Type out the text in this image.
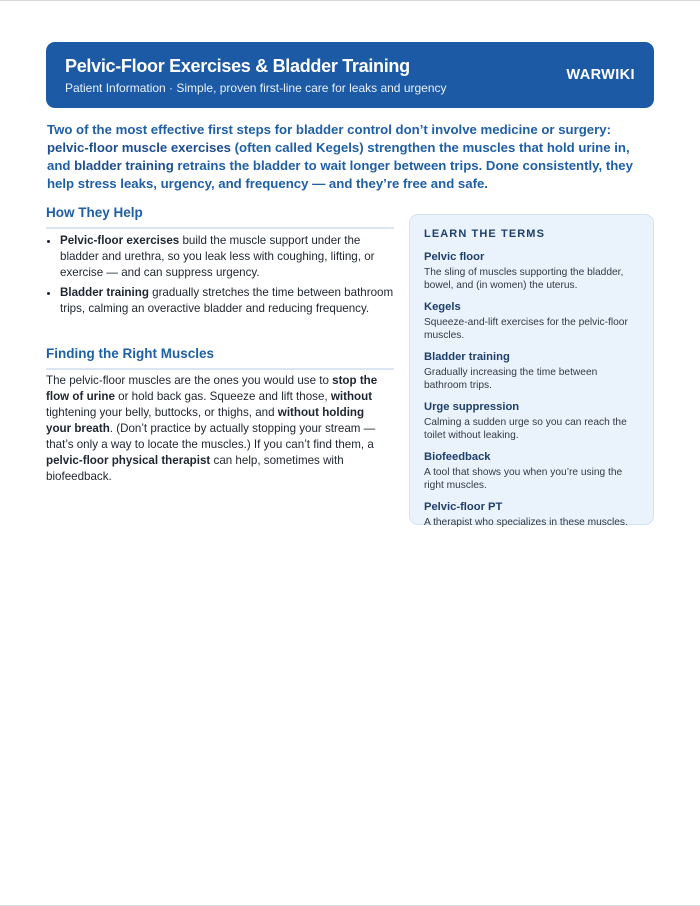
Pelvic-Floor Exercises & Bladder Training
Patient Information · Simple, proven first-line care for leaks and urgency
WARWIKI
Two of the most effective first steps for bladder control don’t involve medicine or surgery: pelvic-floor muscle exercises (often called Kegels) strengthen the muscles that hold urine in, and bladder training retrains the bladder to wait longer between trips. Done consistently, they help stress leaks, urgency, and frequency — and they’re free and safe.
How They Help
• Pelvic-floor exercises build the muscle support under the bladder and urethra, so you leak less with coughing, lifting, or exercise — and can suppress urgency.
• Bladder training gradually stretches the time between bathroom trips, calming an overactive bladder and reducing frequency.
Finding the Right Muscles
The pelvic-floor muscles are the ones you would use to stop the flow of urine or hold back gas. Squeeze and lift those, without tightening your belly, buttocks, or thighs, and without holding your breath. (Don’t practice by actually stopping your stream — that’s only a way to locate the muscles.) If you can’t find them, a pelvic-floor physical therapist can help, sometimes with biofeedback.
LEARN THE TERMS
Pelvic floor
The sling of muscles supporting the bladder, bowel, and (in women) the uterus.
Kegels
Squeeze-and-lift exercises for the pelvic-floor muscles.
Bladder training
Gradually increasing the time between bathroom trips.
Urge suppression
Calming a sudden urge so you can reach the toilet without leaking.
Biofeedback
A tool that shows you when you’re using the right muscles.
Pelvic-floor PT
A therapist who specializes in these muscles.
